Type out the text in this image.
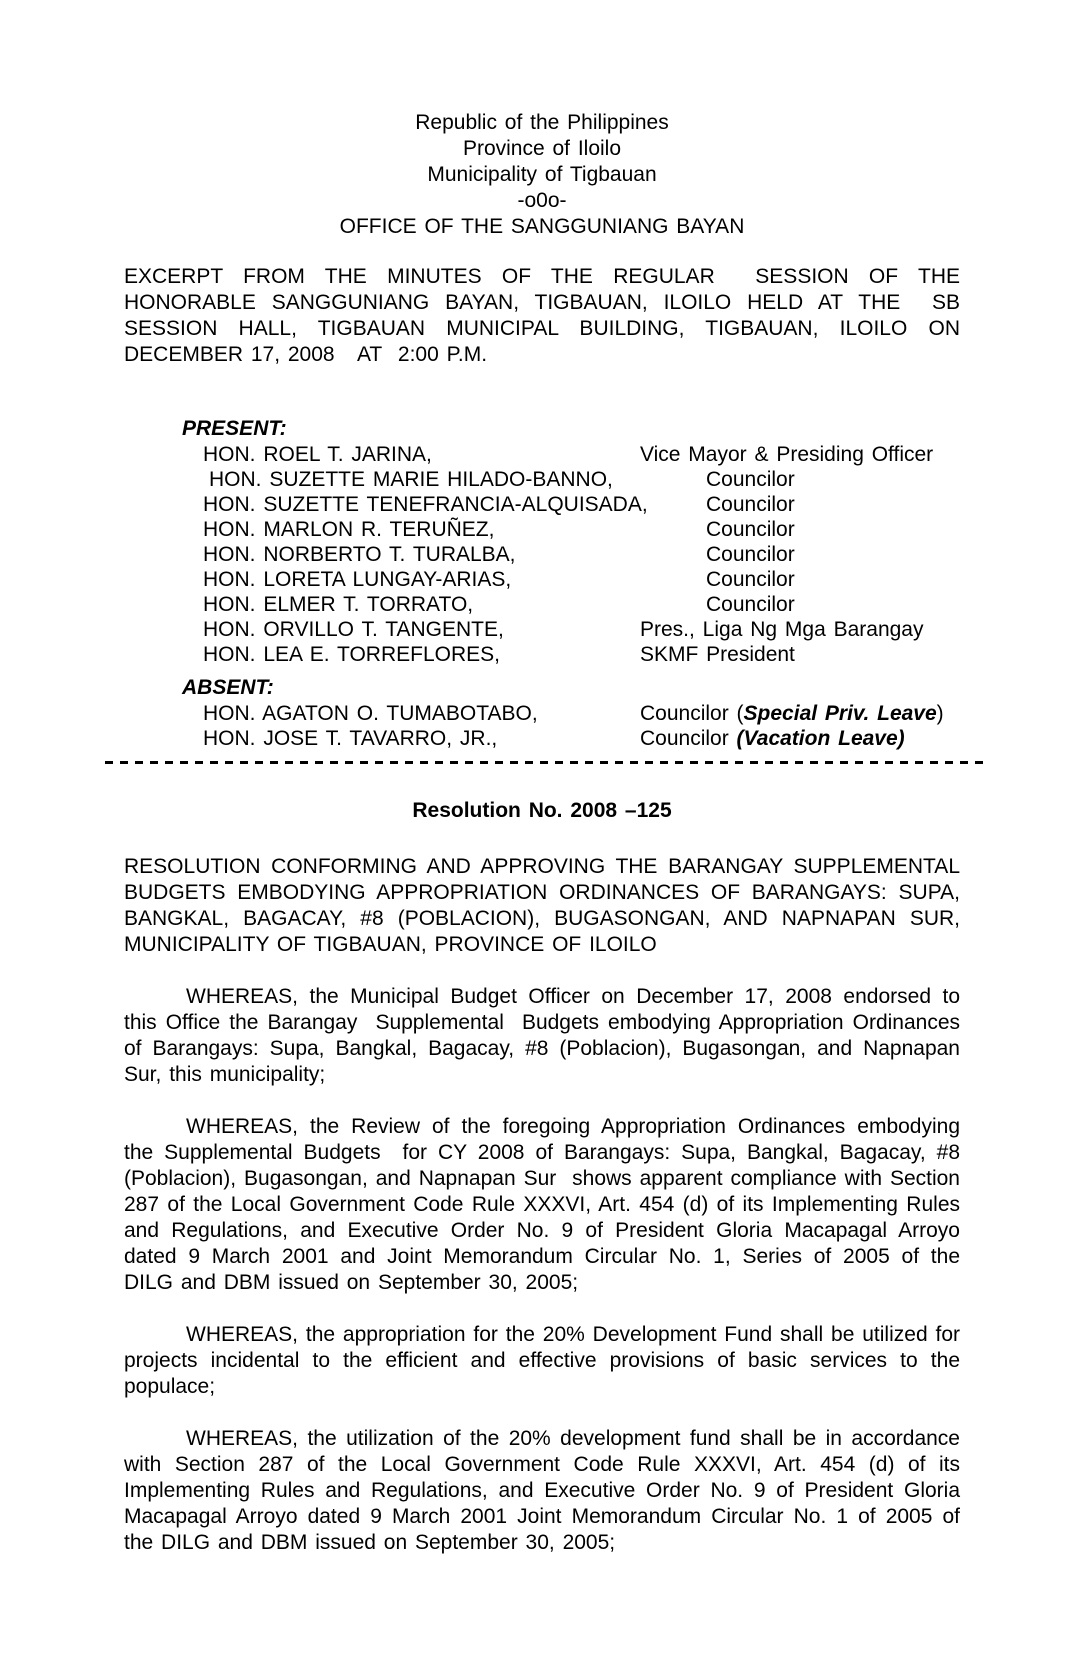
Republic of the Philippines
Province of Iloilo
Municipality of Tigbauan
-o0o-
OFFICE OF THE SANGGUNIANG BAYAN

EXCERPT FROM THE MINUTES OF THE REGULAR  SESSION OF THE HONORABLE SANGGUNIANG BAYAN, TIGBAUAN, ILOILO HELD AT THE  SB SESSION HALL, TIGBAUAN MUNICIPAL BUILDING, TIGBAUAN, ILOILO ON DECEMBER 17, 2008   AT  2:00 P.M.

PRESENT:
HON. ROEL T. JARINA,	Vice Mayor & Presiding Officer
HON. SUZETTE MARIE HILADO-BANNO,	Councilor
HON. SUZETTE TENEFRANCIA-ALQUISADA,	Councilor
HON. MARLON R. TERUÑEZ,	Councilor
HON. NORBERTO T. TURALBA,	Councilor
HON. LORETA LUNGAY-ARIAS,	Councilor
HON. ELMER T. TORRATO,	Councilor
HON. ORVILLO T. TANGENTE,	Pres., Liga Ng Mga Barangay
HON. LEA E. TORREFLORES,	SKMF President
ABSENT:
HON. AGATON O. TUMABOTABO,	Councilor (Special Priv. Leave)
HON. JOSE T. TAVARRO, JR.,	Councilor (Vacation Leave)
Resolution No. 2008 –125

RESOLUTION CONFORMING AND APPROVING THE BARANGAY SUPPLEMENTAL BUDGETS EMBODYING APPROPRIATION ORDINANCES OF BARANGAYS: SUPA, BANGKAL, BAGACAY, #8 (POBLACION), BUGASONGAN, AND NAPNAPAN SUR, MUNICIPALITY OF TIGBAUAN, PROVINCE OF ILOILO

WHEREAS, the Municipal Budget Officer on December 17, 2008 endorsed to this Office the Barangay  Supplemental  Budgets embodying Appropriation Ordinances of Barangays: Supa, Bangkal, Bagacay, #8 (Poblacion), Bugasongan, and Napnapan Sur, this municipality;

WHEREAS, the Review of the foregoing Appropriation Ordinances embodying the Supplemental Budgets  for CY 2008 of Barangays: Supa, Bangkal, Bagacay, #8 (Poblacion), Bugasongan, and Napnapan Sur  shows apparent compliance with Section 287 of the Local Government Code Rule XXXVI, Art. 454 (d) of its Implementing Rules and Regulations, and Executive Order No. 9 of President Gloria Macapagal Arroyo dated 9 March 2001 and Joint Memorandum Circular No. 1, Series of 2005 of the DILG and DBM issued on September 30, 2005;

WHEREAS, the appropriation for the 20% Development Fund shall be utilized for projects incidental to the efficient and effective provisions of basic services to the populace;

WHEREAS, the utilization of the 20% development fund shall be in accordance with Section 287 of the Local Government Code Rule XXXVI, Art. 454 (d) of its Implementing Rules and Regulations, and Executive Order No. 9 of President Gloria Macapagal Arroyo dated 9 March 2001 Joint Memorandum Circular No. 1 of 2005 of the DILG and DBM issued on September 30, 2005;
